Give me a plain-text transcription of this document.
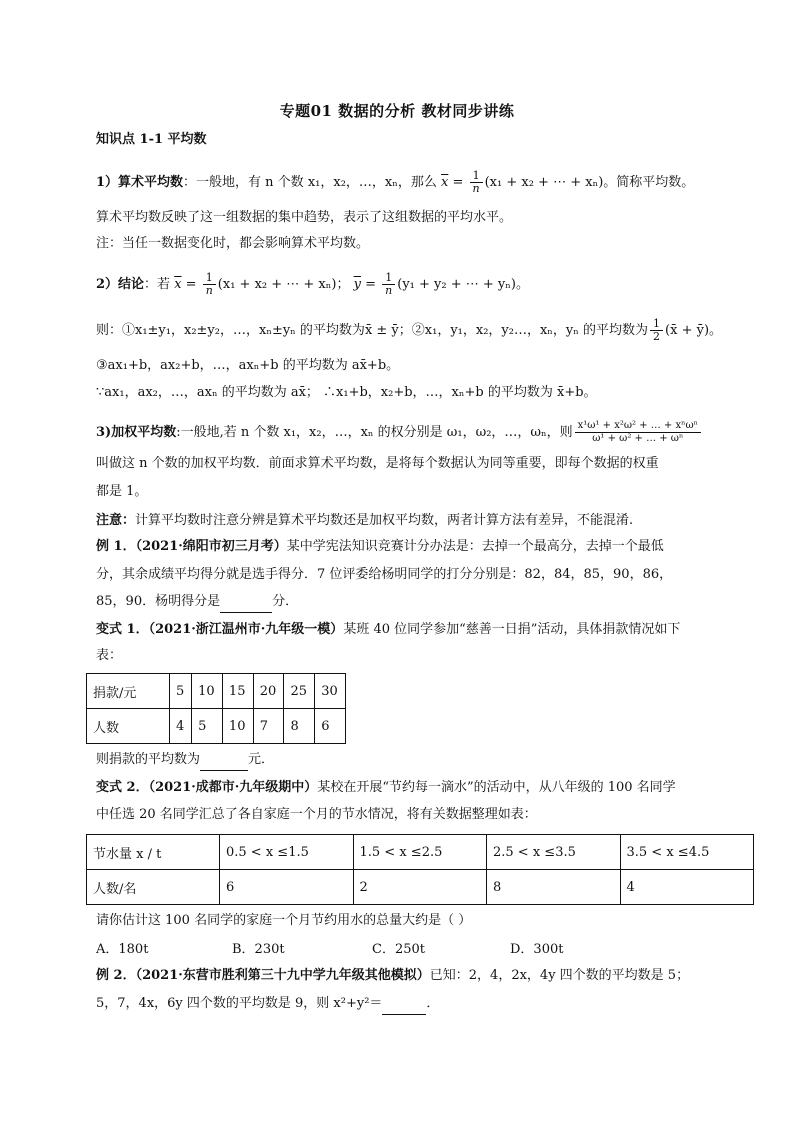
专题01 数据的分析 教材同步讲练
知识点 1-1 平均数
1）算术平均数：一般地，有 n 个数 x₁，x₂，…，xₙ，那么 $\overline{x} = \frac{1}{n} (x_1 + x_2$ + ⋯ + xₙ)。简称平均数。
算术平均数反映了这一组数据的集中趋势，表示了这组数据的平均水平。
注：当任一数据变化时，都会影响算术平均数。
2）结论：若 $\overline{x} = \frac{1}{n} (x_1 + x_2$ + ⋯ + xₙ)； $\overline{y} = \frac{1}{n} (y_1 + y_2$ + ⋯ + yₙ)。
则：①x₁±y₁，x₂±y₂，…，xₙ±yₙ 的平均数为x̄ ± ȳ；②x₁，y₁，x₂，y₂…，xₙ，yₙ 的平均数为 $\frac{1}{2}$ (x̄ + ȳ)。
③ax₁+b，ax₂+b，…，axₙ+b 的平均数为 ax̄+b。
∵ax₁，ax₂，…，axₙ 的平均数为 ax̄； ∴x₁+b，x₂+b，…，xₙ+b 的平均数为 x̄+b。
3)加权平均数:一般地,若 n 个数 x₁，x₂，…，xₙ 的权分别是 ω₁，ω₂，…，ωₙ，则 $\frac{\text{x¹ω¹ + x²ω² + … + xⁿωⁿ}}{\text{ω¹ + ω² + … + ωⁿ}}$
叫做这 n 个数的加权平均数．前面求算术平均数，是将每个数据认为同等重要，即每个数据的权重
都是 1。
注意：计算平均数时注意分辨是算术平均数还是加权平均数，两者计算方法有差异，不能混淆.
例 1．（2021·绵阳市初三月考）某中学宪法知识竞赛计分办法是：去掉一个最高分，去掉一个最低
分，其余成绩平均得分就是选手得分．7 位评委给杨明同学的打分分别是：82，84，85，90，86，
85，90．杨明得分是	分．
变式 1．（2021·浙江温州市·九年级一模）某班 40 位同学参加“慈善一日捐”活动，具体捐款情况如下
表：
捐款/元	5	10	15	20	25	30
人数	4	5	10	7	8	6
则捐款的平均数为	元．
变式 2．（2021·成都市·九年级期中）某校在开展“节约每一滴水”的活动中，从八年级的 100 名同学
中任选 20 名同学汇总了各自家庭一个月的节水情况，将有关数据整理如表：
节水量 x / t	0.5 < x ≤1.5	1.5 < x ≤2.5	2.5 < x ≤3.5	3.5 < x ≤4.5
人数/名	6	2	8	4
请你估计这 100 名同学的家庭一个月节约用水的总量大约是（ ）
A．180t	B．230t	C．250t	D．300t
例 2．（2021·东营市胜利第三十九中学九年级其他模拟）已知：2，4，2x，4y 四个数的平均数是 5；
5，7，4x，6y 四个数的平均数是 9，则 x²+y²＝	．
